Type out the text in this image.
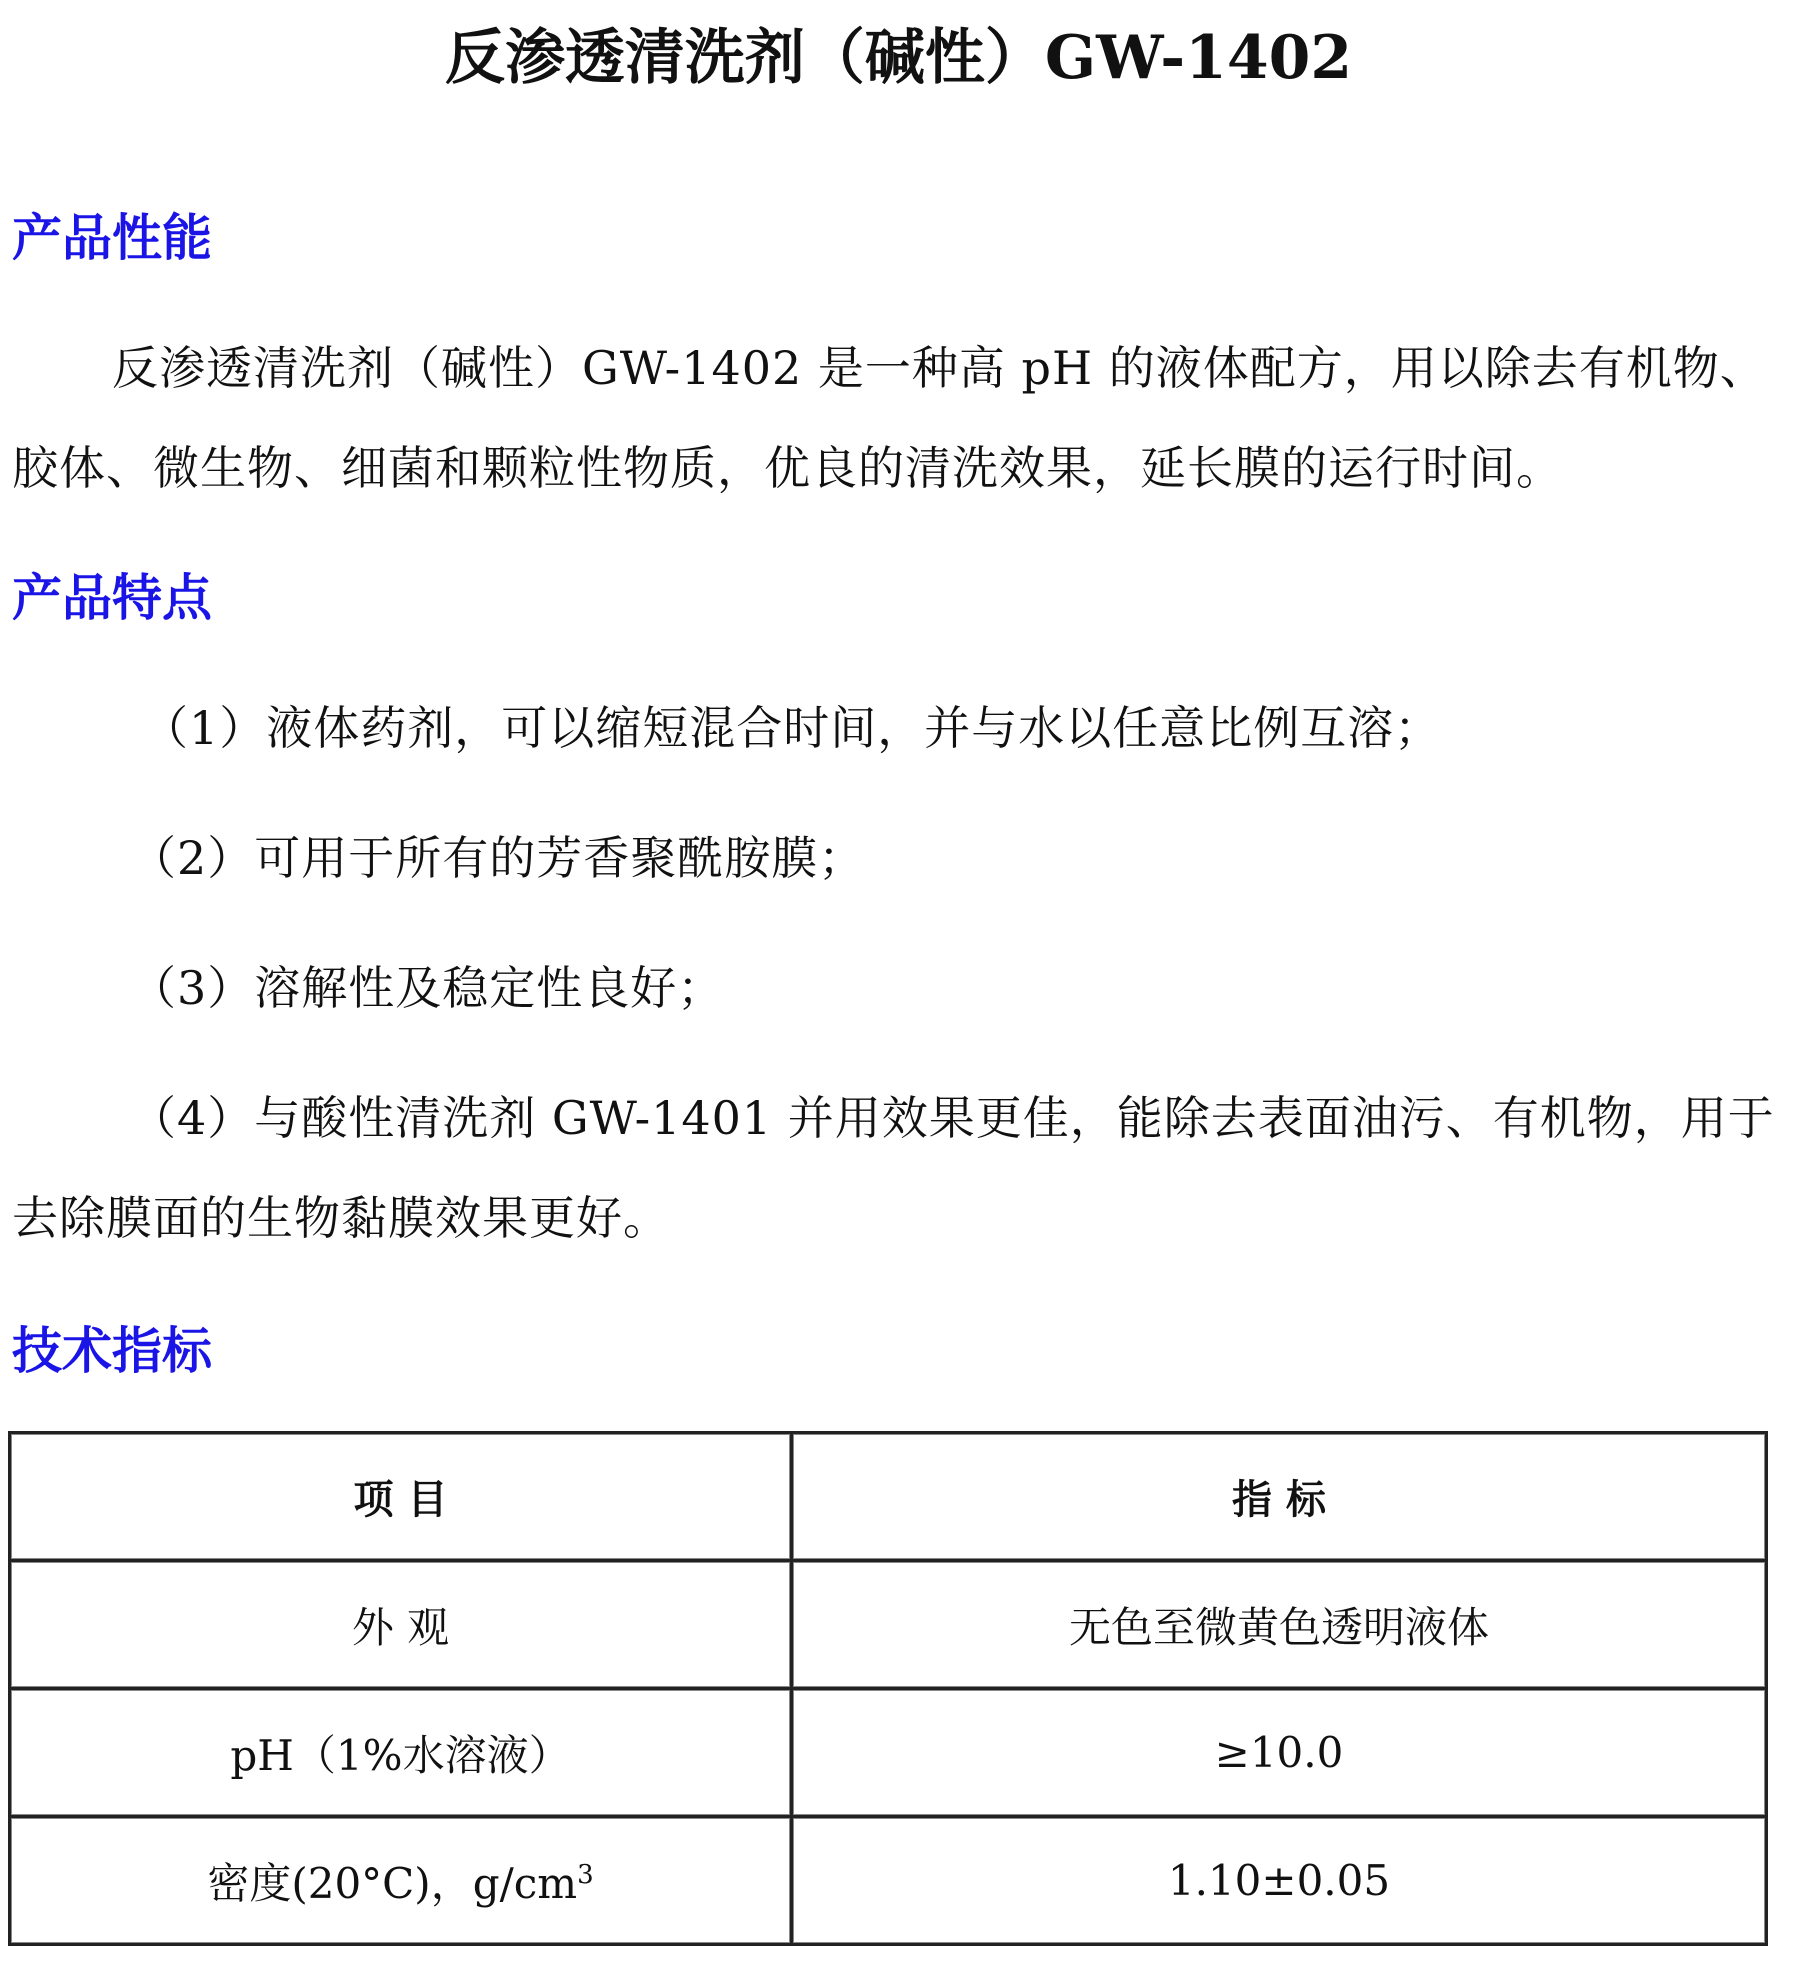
反渗透清洗剂（碱性）GW-1402
产品性能

反渗透清洗剂（碱性）GW-1402 是一种高 pH 的液体配方，用以除去有机物、胶体、微生物、细菌和颗粒性物质，优良的清洗效果，延长膜的运行时间。

产品特点

（1）液体药剂，可以缩短混合时间，并与水以任意比例互溶；

（2）可用于所有的芳香聚酰胺膜；

（3）溶解性及稳定性良好；

（4）与酸性清洗剂 GW-1401 并用效果更佳，能除去表面油污、有机物，用于去除膜面的生物黏膜效果更好。

技术指标
项 目	指 标
外 观	无色至微黄色透明液体
pH（1%水溶液）	≥10.0
密度(20°C)，$g/cm^3$	1.10±0.05
